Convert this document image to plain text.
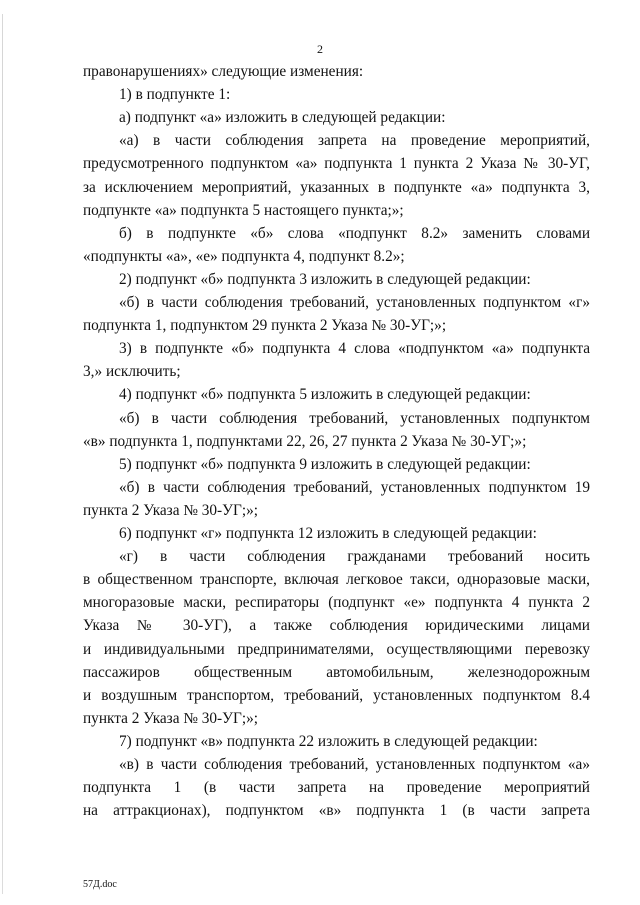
2
правонарушениях» следующие изменения:
1) в подпункте 1:
а) подпункт «а» изложить в следующей редакции:
«а) в части соблюдения запрета на проведение мероприятий,
предусмотренного подпунктом «а» подпункта 1 пункта 2 Указа № 30-УГ,
за исключением мероприятий, указанных в подпункте «а» подпункта 3,
подпункте «а» подпункта 5 настоящего пункта;»;
б) в подпункте «б» слова «подпункт 8.2» заменить словами
«подпункты «а», «е» подпункта 4, подпункт 8.2»;
2) подпункт «б» подпункта 3 изложить в следующей редакции:
«б) в части соблюдения требований, установленных подпунктом «г»
подпункта 1, подпунктом 29 пункта 2 Указа № 30-УГ;»;
3) в подпункте «б» подпункта 4 слова «подпунктом «а» подпункта
3,» исключить;
4) подпункт «б» подпункта 5 изложить в следующей редакции:
«б) в части соблюдения требований, установленных подпунктом
«в» подпункта 1, подпунктами 22, 26, 27 пункта 2 Указа № 30-УГ;»;
5) подпункт «б» подпункта 9 изложить в следующей редакции:
«б) в части соблюдения требований, установленных подпунктом 19
пункта 2 Указа № 30-УГ;»;
6) подпункт «г» подпункта 12 изложить в следующей редакции:
«г) в части соблюдения гражданами требований носить
в общественном транспорте, включая легковое такси, одноразовые маски,
многоразовые маски, респираторы (подпункт «е» подпункта 4 пункта 2
Указа № 30-УГ), а также соблюдения юридическими лицами
и индивидуальными предпринимателями, осуществляющими перевозку
пассажиров общественным автомобильным, железнодорожным
и воздушным транспортом, требований, установленных подпунктом 8.4
пункта 2 Указа № 30-УГ;»;
7) подпункт «в» подпункта 22 изложить в следующей редакции:
«в) в части соблюдения требований, установленных подпунктом «а»
подпункта 1 (в части запрета на проведение мероприятий
на аттракционах), подпунктом «в» подпункта 1 (в части запрета
57Д.doc
